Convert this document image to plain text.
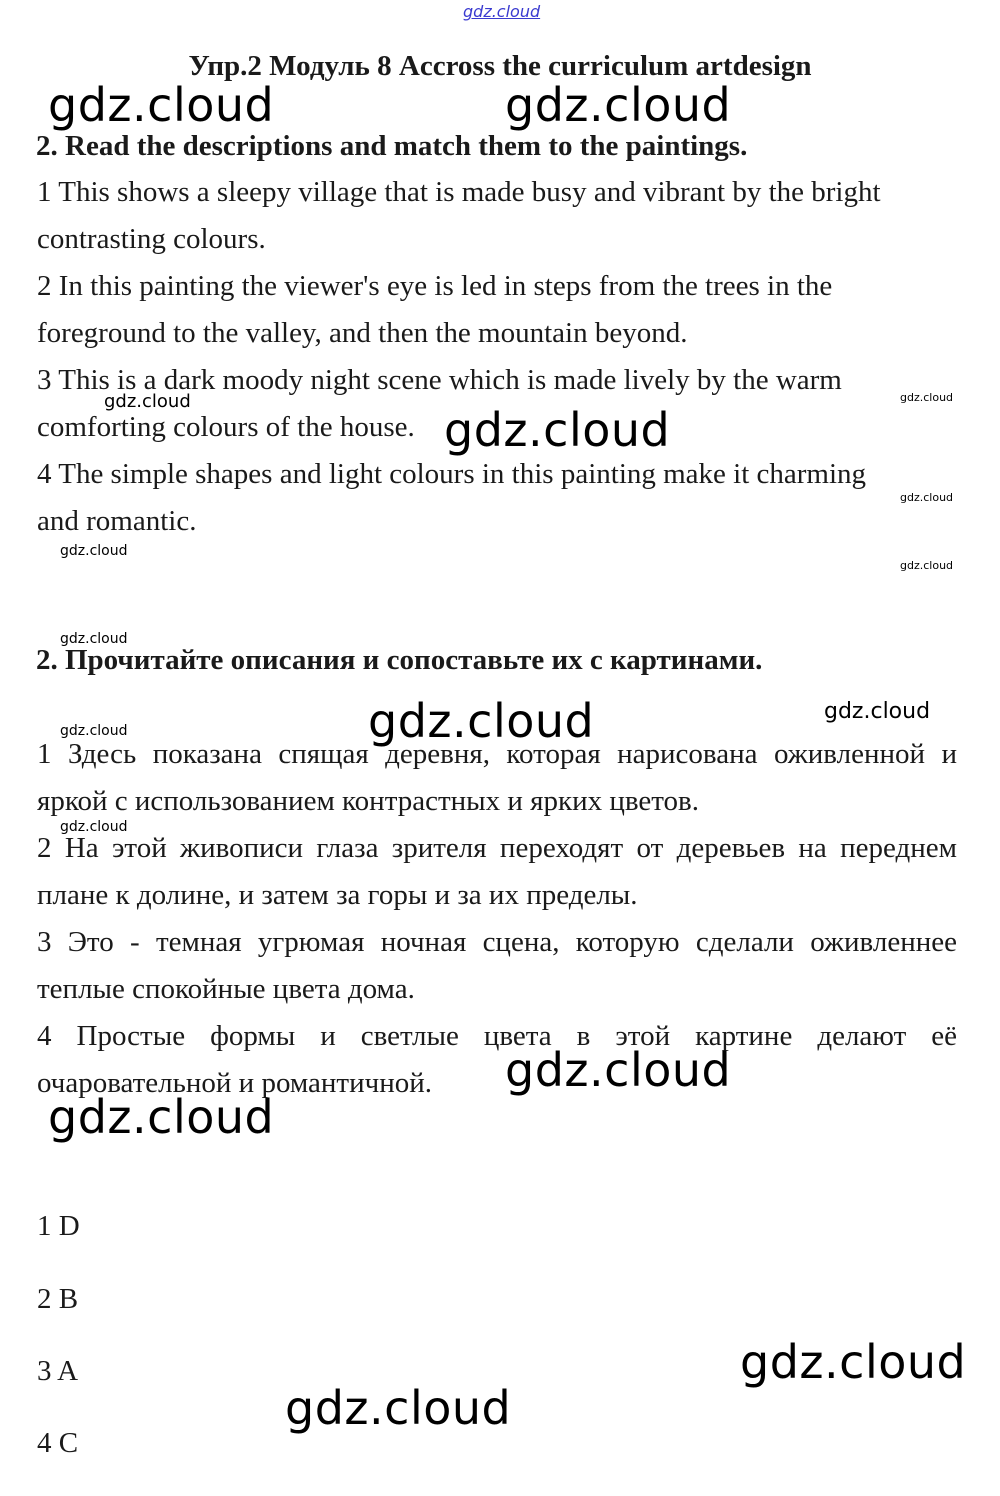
gdz.cloud
Упр.2 Модуль 8 Accross the curriculum artdesign
2. Read the descriptions and match them to the paintings.
1 This shows a sleepy village that is made busy and vibrant by the bright
contrasting colours.
2 In this painting the viewer's eye is led in steps from the trees in the
foreground to the valley, and then the mountain beyond.
3 This is a dark moody night scene which is made lively by the warm
comforting colours of the house.
4 The simple shapes and light colours in this painting make it charming
and romantic.
2. Прочитайте описания и сопоставьте их с картинами.
1 Здесь показана спящая деревня, которая нарисована оживленной и
яркой с использованием контрастных и ярких цветов.
2 На этой живописи глаза зрителя переходят от деревьев на переднем
плане к долине, и затем за горы и за их пределы.
3 Это - темная угрюмая ночная сцена, которую сделали оживленнее
теплые спокойные цвета дома.
4 Простые формы и светлые цвета в этой картине делают её
очаровательной и романтичной.
1 D
2 B
3 A
4 C
gdz.cloud	gdz.cloud
gdz.cloud
gdz.cloud
gdz.cloud
gdz.cloud
gdz.cloud
gdz.cloud
gdz.cloud
gdz.cloud	gdz.cloud
gdz.cloud
gdz.cloud
gdz.cloud
gdz.cloud
gdz.cloud
gdz.cloud
